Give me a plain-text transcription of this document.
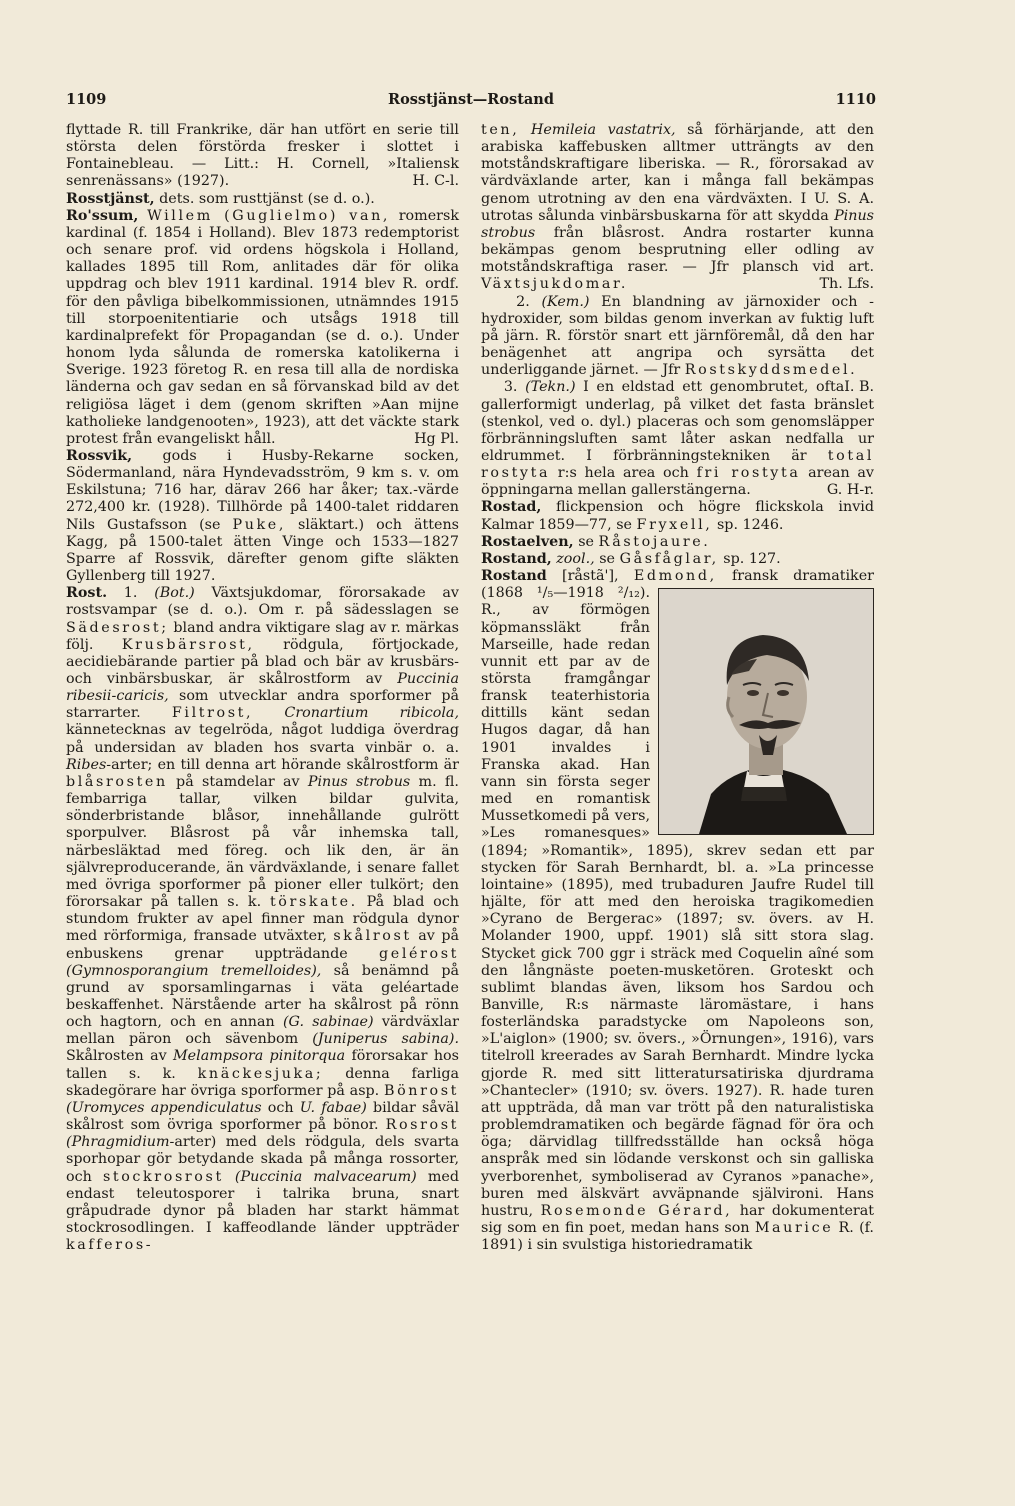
1109	Rosstjänst—Rostand	1110

flyttade R. till Frankrike, där han utfört en serie till största delen förstörda fresker i slottet i Fontainebleau. — Litt.: H. Cornell, »Italiensk senrenässans» (1927).	H. C-l.

Rosstjänst, dets. som rusttjänst (se d. o.).

Ro'ssum, Willem (Guglielmo) van, romersk kardinal (f. 1854 i Holland). Blev 1873 redemptorist och senare prof. vid ordens högskola i Holland, kallades 1895 till Rom, anlitades där för olika uppdrag och blev 1911 kardinal. 1914 blev R. ordf. för den påvliga bibelkommissionen, utnämndes 1915 till storpoenitentiarie och utsågs 1918 till kardinalprefekt för Propagandan (se d. o.). Under honom lyda sålunda de romerska katolikerna i Sverige. 1923 företog R. en resa till alla de nordiska länderna och gav sedan en så förvanskad bild av det religiösa läget i dem (genom skriften »Aan mijne katholieke landgenooten», 1923), att det väckte stark protest från evangeliskt håll.	Hg Pl.

Rossvik, gods i Husby-Rekarne socken, Södermanland, nära Hyndevadsström, 9 km s. v. om Eskilstuna; 716 har, därav 266 har åker; tax.-värde 272,400 kr. (1928). Tillhörde på 1400-talet riddaren Nils Gustafsson (se Puke, släktart.) och ättens Kagg, på 1500-talet ätten Vinge och 1533—1827 Sparre af Rossvik, därefter genom gifte släkten Gyllenberg till 1927.

Rost. 1. (Bot.) Växtsjukdomar, förorsakade av rostsvampar (se d. o.). Om r. på sädesslagen se Sädesrost; bland andra viktigare slag av r. märkas följ. Krusbärsrost, rödgula, förtjockade, aecidiebärande partier på blad och bär av krusbärs- och vinbärsbuskar, är skålrostform av Puccinia ribesii-caricis, som utvecklar andra sporformer på starrarter. Filtrost, Cronartium ribicola, kännetecknas av tegelröda, något luddiga överdrag på undersidan av bladen hos svarta vinbär o. a. Ribes-arter; en till denna art hörande skålrostform är blåsrosten på stamdelar av Pinus strobus m. fl. fembarriga tallar, vilken bildar gulvita, sönderbristande blåsor, innehållande gulrött sporpulver. Blåsrost på vår inhemska tall, närbesläktad med föreg. och lik den, är än självreproducerande, än värdväxlande, i senare fallet med övriga sporformer på pioner eller tulkört; den förorsakar på tallen s. k. törskate. På blad och stundom frukter av apel finner man rödgula dynor med rörformiga, fransade utväxter, skålrost av på enbuskens grenar uppträdande gelérost (Gymnosporangium tremelloides), så benämnd på grund av sporsamlingarnas i väta geléartade beskaffenhet. Närstående arter ha skålrost på rönn och hagtorn, och en annan (G. sabinae) värdväxlar mellan päron och sävenbom (Juniperus sabina). Skålrosten av Melampsora pinitorqua förorsakar hos tallen s. k. knäckesjuka; denna farliga skadegörare har övriga sporformer på asp. Bönrost (Uromyces appendiculatus och U. fabae) bildar såväl skålrost som övriga sporformer på bönor. Rosrost (Phragmidium-arter) med dels rödgula, dels svarta sporhopar gör betydande skada på många rossorter, och stockrosrost (Puccinia malvacearum) med endast teleutosporer i talrika bruna, snart gråpudrade dynor på bladen har starkt hämmat stockrosodlingen. I kaffeodlande länder uppträder kafferos-

ten, Hemileia vastatrix, så förhärjande, att den arabiska kaffebusken alltmer utträngts av den motståndskraftigare liberiska. — R., förorsakad av värdväxlande arter, kan i många fall bekämpas genom utrotning av den ena värdväxten. I U. S. A. utrotas sålunda vinbärsbuskarna för att skydda Pinus strobus från blåsrost. Andra rostarter kunna bekämpas genom besprutning eller odling av motståndskraftiga raser. — Jfr plansch vid art. Växtsjukdomar.	Th. Lfs.

2. (Kem.) En blandning av järnoxider och -hydroxider, som bildas genom inverkan av fuktig luft på järn. R. förstör snart ett järnföremål, då den har benägenhet att angripa och syrsätta det underliggande järnet. — Jfr Rostskyddsmedel.
I. B.

3. (Tekn.) I en eldstad ett genombrutet, ofta gallerformigt underlag, på vilket det fasta bränslet (stenkol, ved o. dyl.) placeras och som genomsläpper förbränningsluften samt låter askan nedfalla ur eldrummet. I förbränningstekniken är total rostyta r:s hela area och fri rostyta arean av öppningarna mellan gallerstängerna.	G. H-r.

Rostad, flickpension och högre flickskola invid Kalmar 1859—77, se Fryxell, sp. 1246.

Rostaelven, se Råstojaure.

Rostand, zool., se Gåsfåglar, sp. 127.

Rostand [råstã'], Edmond, fransk dramatiker (1868 ¹/₅—1918 ²/₁₂). R., av förmögen köpmanssläkt från Marseille, hade redan vunnit ett par av de största framgångar fransk teaterhistoria dittills känt sedan Hugos dagar, då han 1901 invaldes i Franska akad. Han vann sin första seger med en romantisk Mussetkomedi på vers, »Les romanesques» (1894; »Romantik», 1895), skrev sedan ett par stycken för Sarah Bernhardt, bl. a. »La princesse lointaine» (1895), med trubaduren Jaufre Rudel till hjälte, för att med den heroiska tragikomedien »Cyrano de Bergerac» (1897; sv. övers. av H. Molander 1900, uppf. 1901) slå sitt stora slag. Stycket gick 700 ggr i sträck med Coquelin aîné som den långnäste poeten-musketören. Groteskt och sublimt blandas även, liksom hos Sardou och Banville, R:s närmaste läromästare, i hans fosterländska paradstycke om Napoleons son, »L'aiglon» (1900; sv. övers., »Örnungen», 1916), vars titelroll kreerades av Sarah Bernhardt. Mindre lycka gjorde R. med sitt litteratursatiriska djurdrama »Chantecler» (1910; sv. övers. 1927). R. hade turen att uppträda, då man var trött på den naturalistiska problemdramatiken och begärde fägnad för öra och öga; därvidlag tillfredsställde han också höga anspråk med sin lödande verskonst och sin galliska yverborenhet, symboliserad av Cyranos »panache», buren med älskvärt avväpnande självironi. Hans hustru, Rosemonde Gérard, har dokumenterat sig som en fin poet, medan hans son Maurice R. (f. 1891) i sin svulstiga historiedramatik
